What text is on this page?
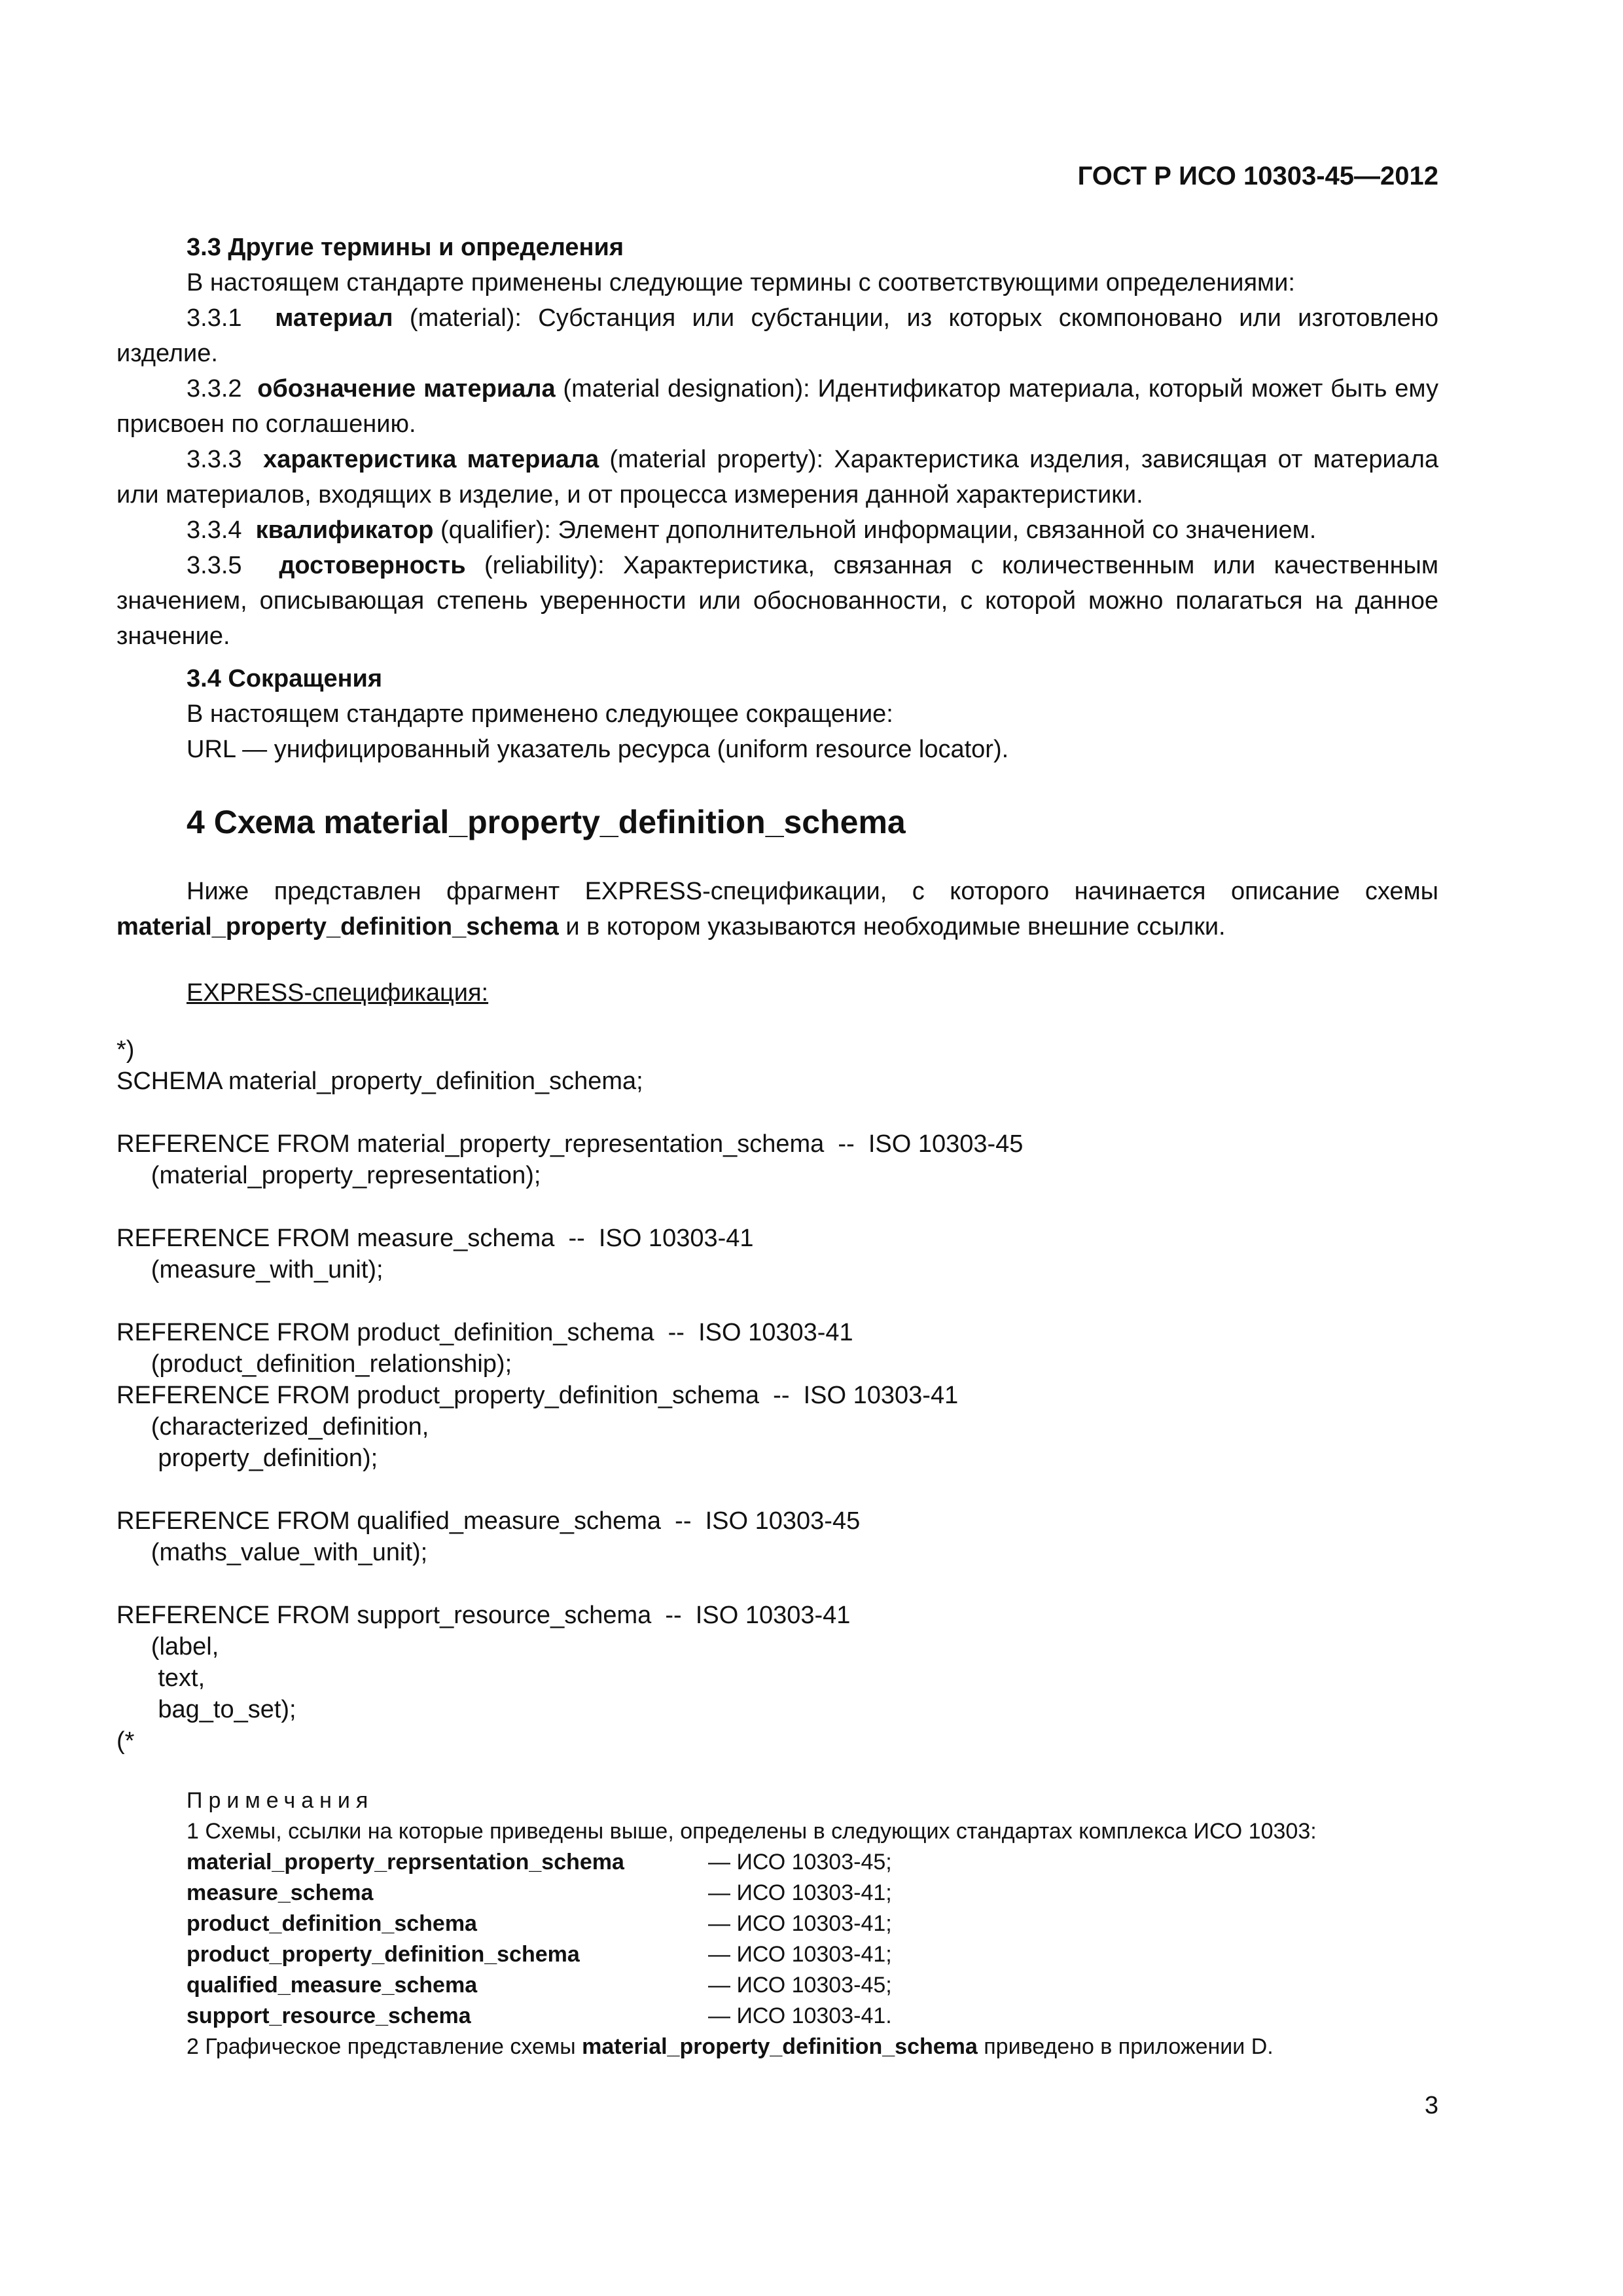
ГОСТ Р ИСО 10303-45—2012
3.3 Другие термины и определения
В настоящем стандарте применены следующие термины с соответствующими определениями:
3.3.1 материал (material): Субстанция или субстанции, из которых скомпоновано или изготовлено изделие.
3.3.2 обозначение материала (material designation): Идентификатор материала, который может быть ему присвоен по соглашению.
3.3.3 характеристика материала (material property): Характеристика изделия, зависящая от материала или материалов, входящих в изделие, и от процесса измерения данной характеристики.
3.3.4 квалификатор (qualifier): Элемент дополнительной информации, связанной со значением.
3.3.5 достоверность (reliability): Характеристика, связанная с количественным или качественным значением, описывающая степень уверенности или обоснованности, с которой можно полагаться на данное значение.
3.4 Сокращения
В настоящем стандарте применено следующее сокращение:
URL — унифицированный указатель ресурса (uniform resource locator).
4 Схема material_property_definition_schema
Ниже представлен фрагмент EXPRESS-спецификации, с которого начинается описание схемы material_property_definition_schema и в котором указываются необходимые внешние ссылки.
EXPRESS-спецификация:
*)
SCHEMA material_property_definition_schema;

REFERENCE FROM material_property_representation_schema  --  ISO 10303-45
(material_property_representation);

REFERENCE FROM measure_schema  --  ISO 10303-41
(measure_with_unit);

REFERENCE FROM product_definition_schema  --  ISO 10303-41
(product_definition_relationship);
REFERENCE FROM product_property_definition_schema  --  ISO 10303-41
(characterized_definition,
property_definition);

REFERENCE FROM qualified_measure_schema  --  ISO 10303-45
(maths_value_with_unit);

REFERENCE FROM support_resource_schema  --  ISO 10303-41
(label,
text,
bag_to_set);
(*
Примечания
1 Схемы, ссылки на которые приведены выше, определены в следующих стандартах комплекса ИСО 10303:
material_property_reprsentation_schema	— ИСО 10303-45;
measure_schema	— ИСО 10303-41;
product_definition_schema	— ИСО 10303-41;
product_property_definition_schema	— ИСО 10303-41;
qualified_measure_schema	— ИСО 10303-45;
support_resource_schema	— ИСО 10303-41.
2 Графическое представление схемы material_property_definition_schema приведено в приложении D.
3
